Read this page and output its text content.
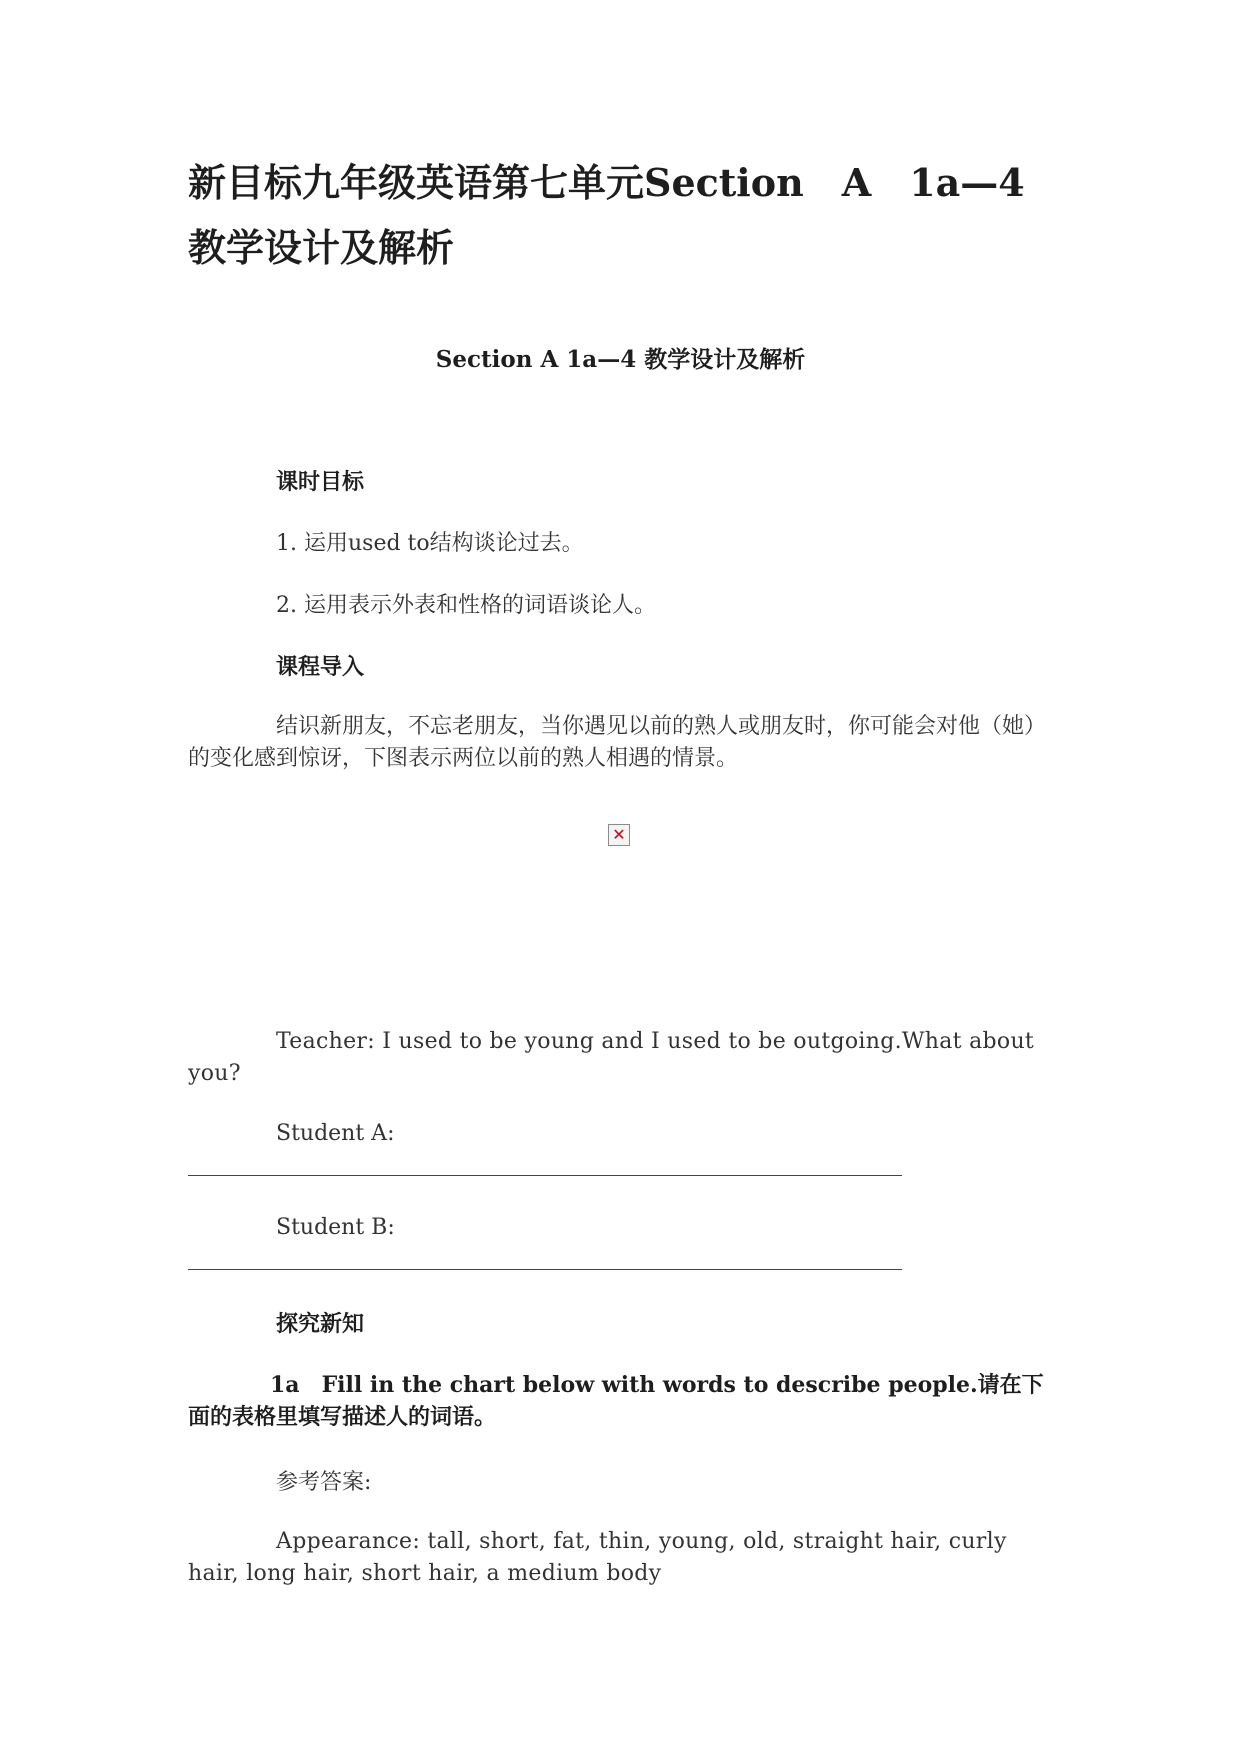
新目标九年级英语第七单元Section　A　1a—4　教学设计及解析
Section A 1a—4 教学设计及解析
课时目标
1. 运用used to结构谈论过去。
2. 运用表示外表和性格的词语谈论人。
课程导入
结识新朋友，不忘老朋友，当你遇见以前的熟人或朋友时，你可能会对他（她）的变化感到惊讶，下图表示两位以前的熟人相遇的情景。
✕
Teacher: I used to be young and I used to be outgoing.What about you?
Student A:
Student B:
探究新知
1a　Fill in the chart below with words to describe people.请在下面的表格里填写描述人的词语。
参考答案:
Appearance: tall, short, fat, thin, young, old, straight hair, curly hair, long hair, short hair, a medium body
